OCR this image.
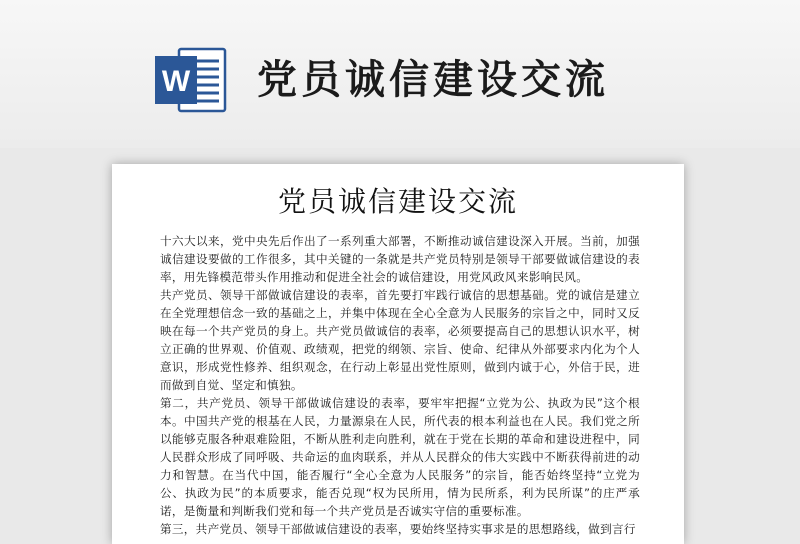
W 党员诚信建设交流
党员诚信建设交流

十六大以来，党中央先后作出了一系列重大部署，不断推动诚信建设深入开展。当前，加强诚信建设要做的工作很多，其中关键的一条就是共产党员特别是领导干部要做诚信建设的表率，用先锋模范带头作用推动和促进全社会的诚信建设，用党风政风来影响民风。

共产党员、领导干部做诚信建设的表率，首先要打牢践行诚信的思想基础。党的诚信是建立在全党理想信念一致的基础之上，并集中体现在全心全意为人民服务的宗旨之中，同时又反映在每一个共产党员的身上。共产党员做诚信的表率，必须要提高自己的思想认识水平，树立正确的世界观、价值观、政绩观，把党的纲领、宗旨、使命、纪律从外部要求内化为个人意识，形成党性修养、组织观念，在行动上彰显出党性原则，做到内诚于心，外信于民，进而做到自觉、坚定和慎独。

第二，共产党员、领导干部做诚信建设的表率，要牢牢把握“立党为公、执政为民”这个根本。中国共产党的根基在人民，力量源泉在人民，所代表的根本利益也在人民。我们党之所以能够克服各种艰难险阻，不断从胜利走向胜利，就在于党在长期的革命和建设进程中，同人民群众形成了同呼吸、共命运的血肉联系，并从人民群众的伟大实践中不断获得前进的动力和智慧。在当代中国，能否履行“全心全意为人民服务”的宗旨，能否始终坚持“立党为公、执政为民”的本质要求，能否兑现“权为民所用，情为民所系，利为民所谋”的庄严承诺，是衡量和判断我们党和每一个共产党员是否诚实守信的重要标准。

第三，共产党员、领导干部做诚信建设的表率，要始终坚持实事求是的思想路线，做到言行
